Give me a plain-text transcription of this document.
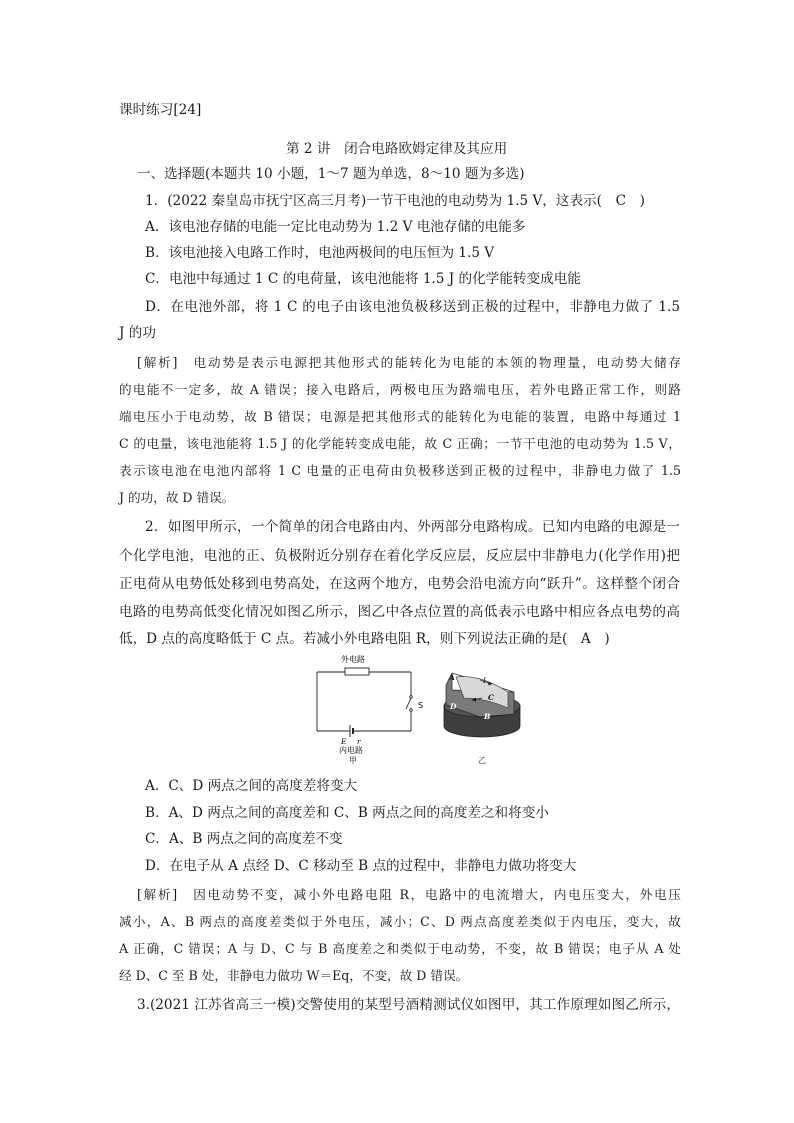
课时练习[24]
第 2 讲　闭合电路欧姆定律及其应用
一、选择题(本题共 10 小题，1～7 题为单选，8～10 题为多选)
1．(2022 秦皇岛市抚宁区高三月考)一节干电池的电动势为 1.5 V，这表示(　C　)
A．该电池存储的电能一定比电动势为 1.2 V 电池存储的电能多
B．该电池接入电路工作时，电池两极间的电压恒为 1.5 V
C．电池中每通过 1 C 的电荷量，该电池能将 1.5 J 的化学能转变成电能
D．在电池外部，将 1 C 的电子由该电池负极移送到正极的过程中，非静电力做了 1.5
J 的功
[解析]　电动势是表示电源把其他形式的能转化为电能的本领的物理量，电动势大储存
的电能不一定多，故 A 错误；接入电路后，两极电压为路端电压，若外电路正常工作，则路
端电压小于电动势，故 B 错误；电源是把其他形式的能转化为电能的装置，电路中每通过 1
C 的电量，该电池能将 1.5 J 的化学能转变成电能，故 C 正确；一节干电池的电动势为 1.5 V，
表示该电池在电池内部将 1 C 电量的正电荷由负极移送到正极的过程中，非静电力做了 1.5
J 的功，故 D 错误。
2．如图甲所示，一个简单的闭合电路由内、外两部分电路构成。已知内电路的电源是一
个化学电池，电池的正、负极附近分别存在着化学反应层，反应层中非静电力(化学作用)把
正电荷从电势低处移到电势高处，在这两个地方，电势会沿电流方向“跃升”。这样整个闭合
电路的电势高低变化情况如图乙所示，图乙中各点位置的高低表示电路中相应各点电势的高
低，D 点的高度略低于 C 点。若减小外电路电阻 R，则下列说法正确的是(　A　)
外电路
S
E r
内电路
甲
A	I
C
D
B
乙
A．C、D 两点之间的高度差将变大
B．A、D 两点之间的高度差和 C、B 两点之间的高度差之和将变小
C．A、B 两点之间的高度差不变
D．在电子从 A 点经 D、C 移动至 B 点的过程中，非静电力做功将变大
[解析]　因电动势不变，减小外电路电阻 R，电路中的电流增大，内电压变大，外电压
减小，A、B 两点的高度差类似于外电压，减小；C、D 两点高度差类似于内电压，变大，故
A 正确，C 错误；A 与 D、C 与 B 高度差之和类似于电动势，不变，故 B 错误；电子从 A 处
经 D、C 至 B 处，非静电力做功 W＝Eq，不变，故 D 错误。
3.(2021 江苏省高三一模)交警使用的某型号酒精测试仪如图甲，其工作原理如图乙所示，
